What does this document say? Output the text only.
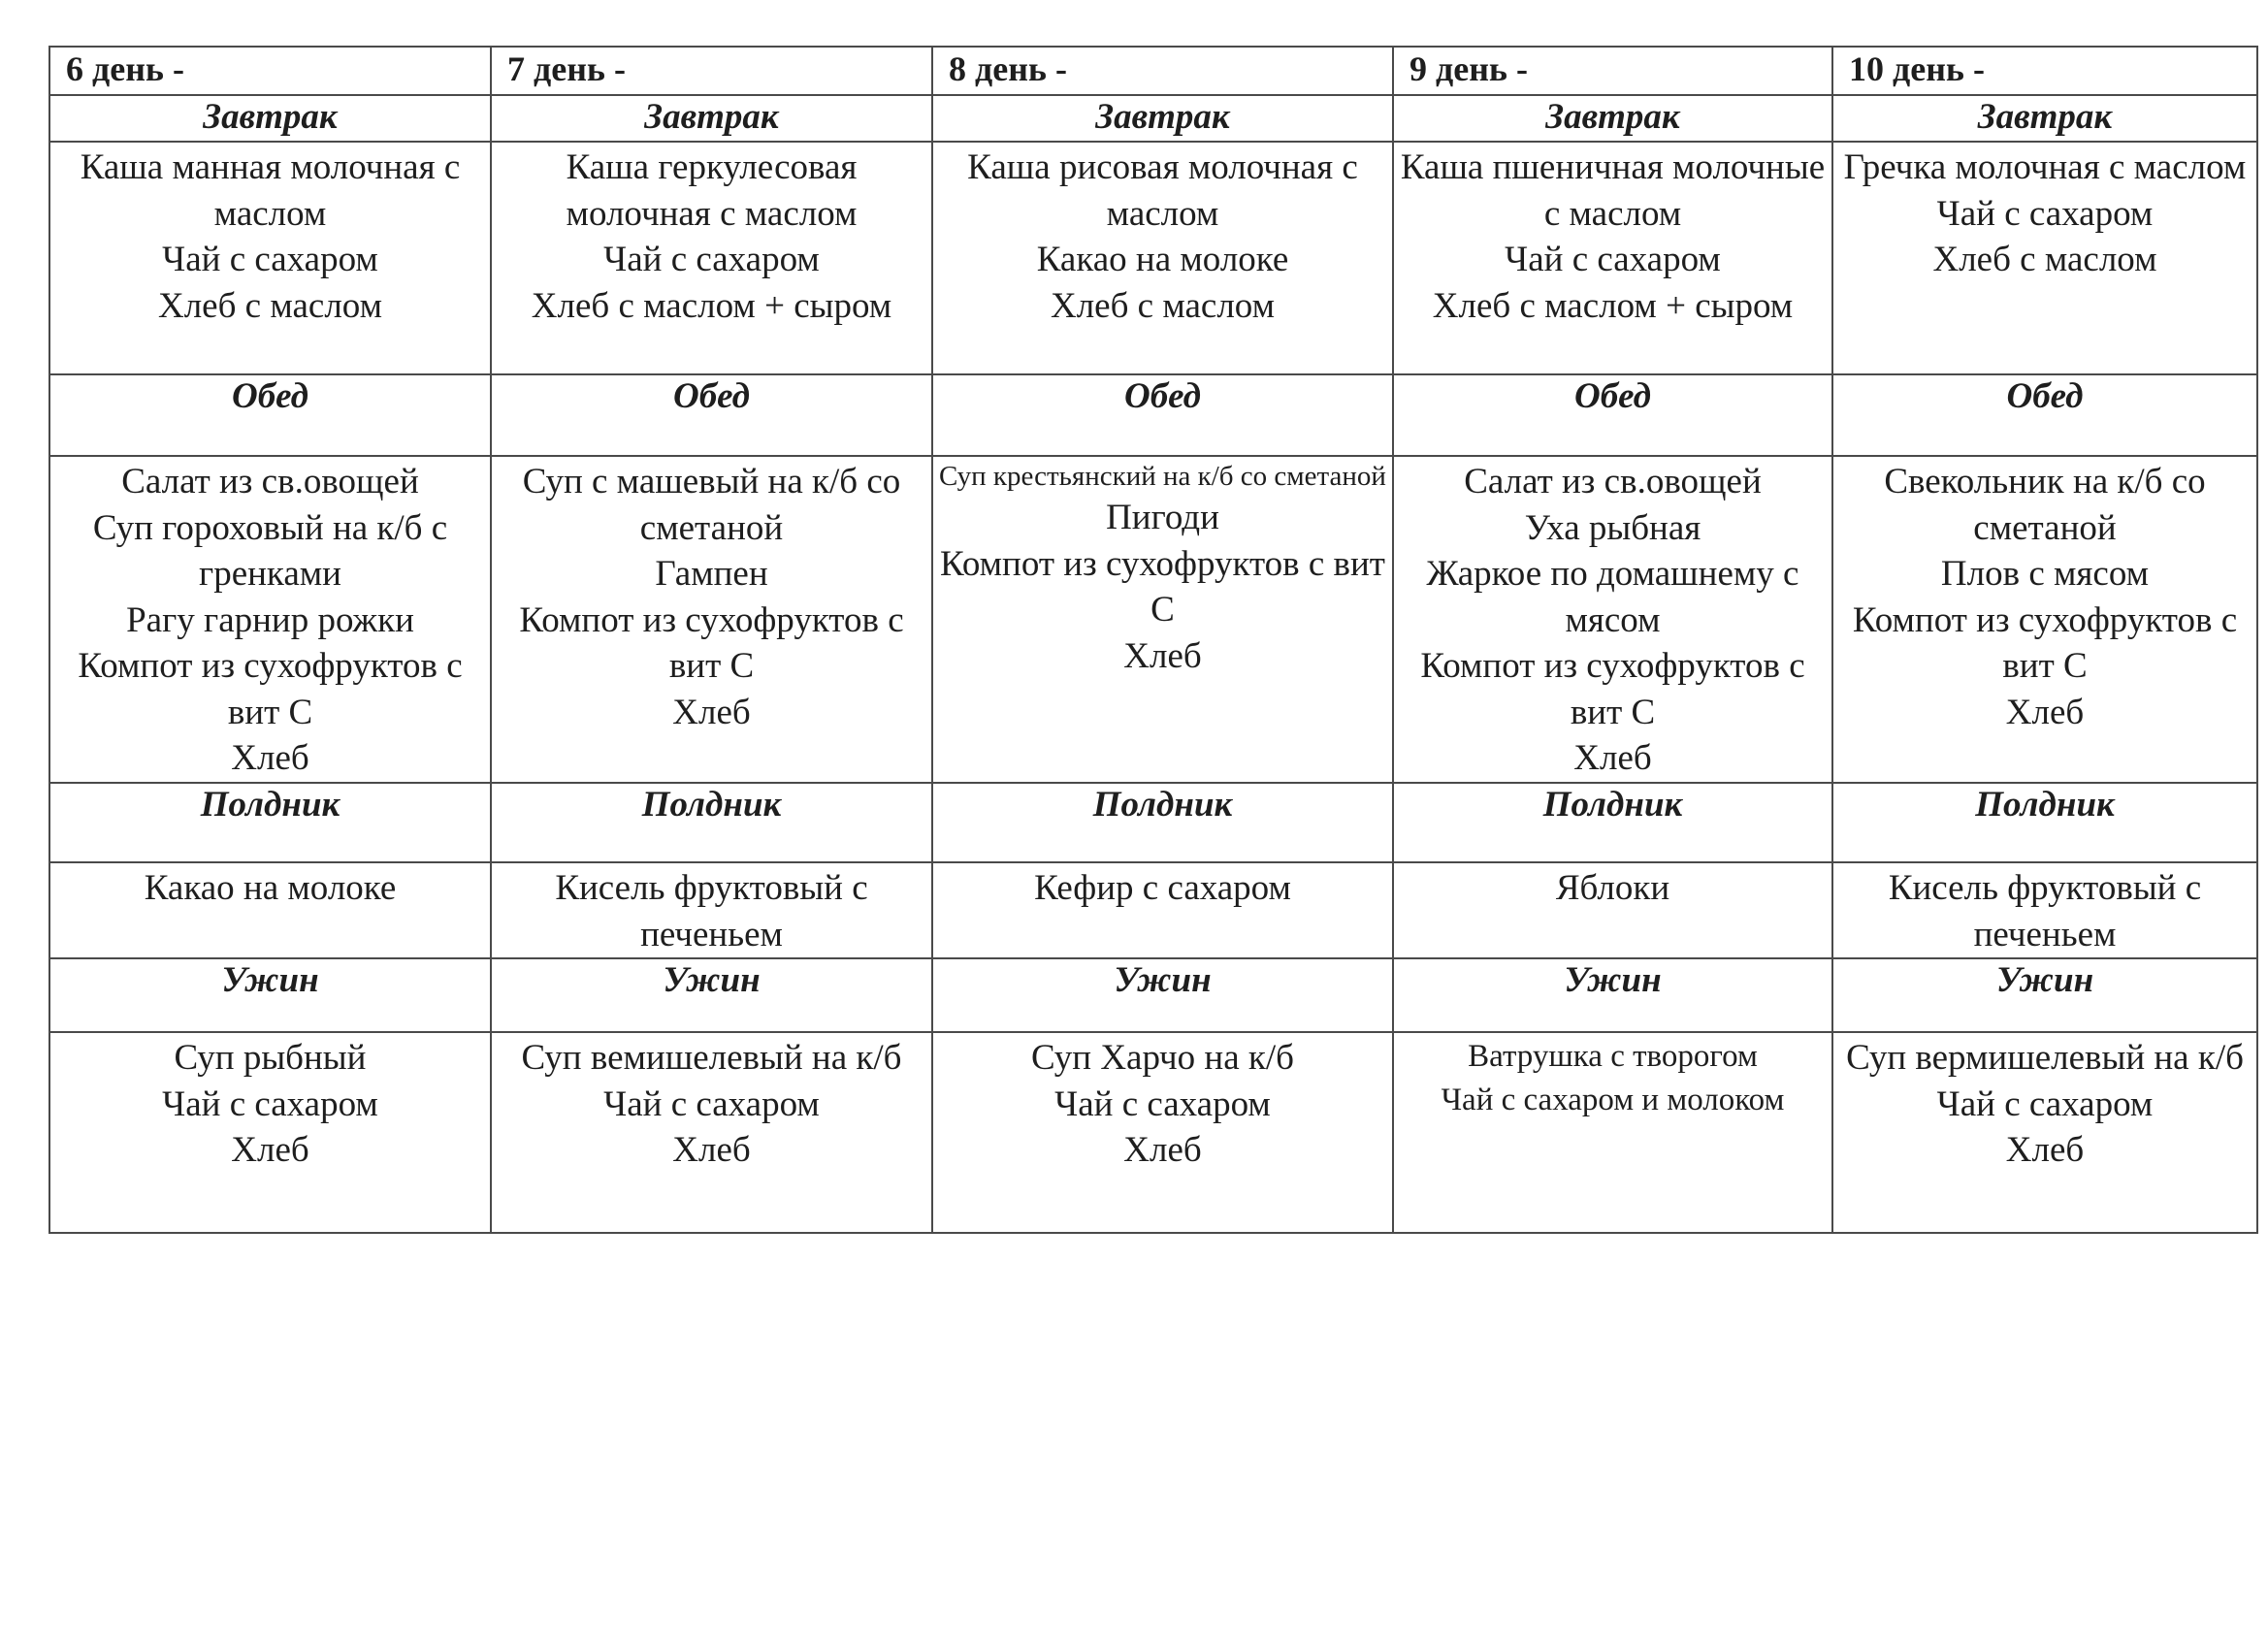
6 день -	7 день -	8 день -	9 день -	10 день -
Завтрак	Завтрак	Завтрак	Завтрак	Завтрак

Каша манная молочная с маслом
Чай с сахаром
Хлеб с маслом	Каша геркулесовая молочная с маслом
Чай с сахаром
Хлеб с маслом + сыром	Каша рисовая молочная с маслом
Какао на молоке
Хлеб с маслом	Каша пшеничная молочные с маслом
Чай с сахаром
Хлеб с маслом + сыром	Гречка молочная с маслом
Чай с сахаром
Хлеб с маслом

Обед	Обед	Обед	Обед	Обед

Салат из св.овощей
Суп гороховый на к/б с гренками
Рагу гарнир рожки
Компот из сухофруктов с вит С
Хлеб	Суп с машевый на к/б со сметаной
Гампен
Компот из сухофруктов с вит С
Хлеб	Суп крестьянский на к/б со сметаной
Пигоди
Компот из сухофруктов с вит С
Хлеб	Салат из св.овощей
Уха рыбная
Жаркое по домашнему с мясом
Компот из сухофруктов с вит С
Хлеб	Свекольник на к/б со сметаной
Плов с мясом
Компот из сухофруктов с вит С
Хлеб

Полдник	Полдник	Полдник	Полдник	Полдник

Какао на молоке	Кисель фруктовый с печеньем	Кефир с сахаром	Яблоки	Кисель фруктовый с печеньем

Ужин	Ужин	Ужин	Ужин	Ужин

Суп рыбный
Чай с сахаром
Хлеб	Суп вемишелевый на к/б
Чай с сахаром
Хлеб	Суп Харчо на к/б
Чай с сахаром
Хлеб	Ватрушка с творогом
Чай с сахаром и молоком	Суп вермишелевый на к/б
Чай с сахаром
Хлеб
